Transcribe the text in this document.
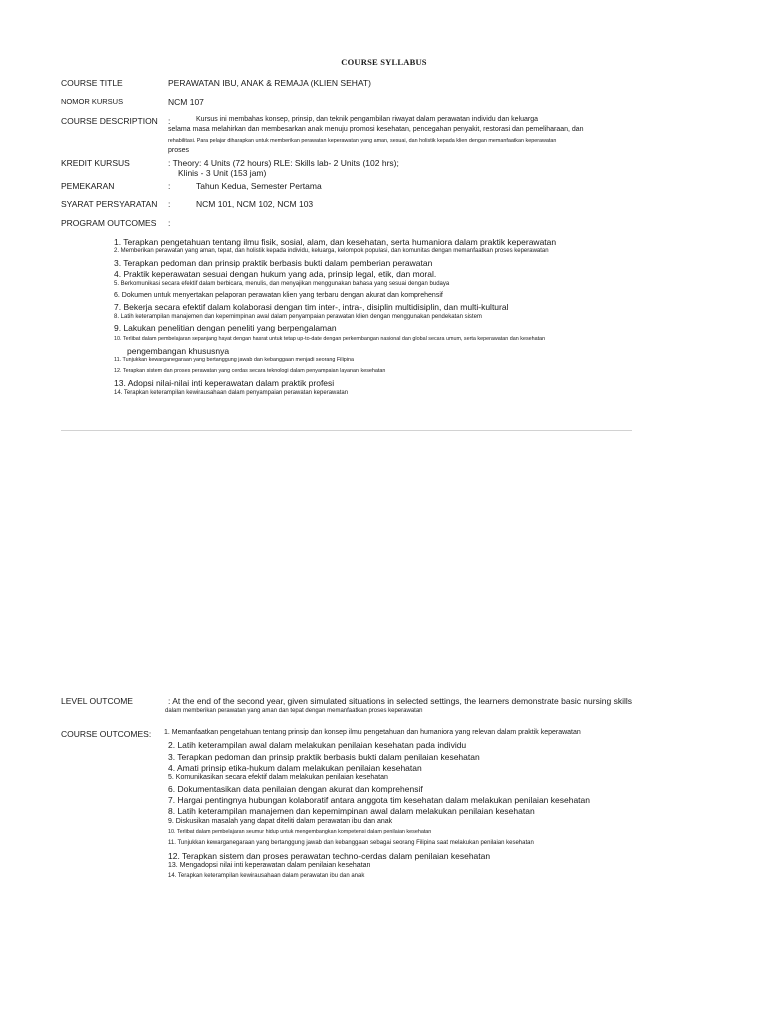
COURSE SYLLABUS
COURSE TITLE	PERAWATAN IBU, ANAK & REMAJA (KLIEN SEHAT)
NOMOR KURSUS	NCM 107
COURSE DESCRIPTION :	Kursus ini membahas konsep, prinsip, dan teknik pengambilan riwayat dalam perawatan individu dan keluarga
selama masa melahirkan dan membesarkan anak menuju promosi kesehatan, pencegahan penyakit, restorasi dan pemeliharaan, dan
rehabilitasi. Para pelajar diharapkan untuk memberikan perawatan keperawatan yang aman, sesuai, dan holistik kepada klien dengan memanfaatkan keperawatan
proses
KREDIT KURSUS	: Theory: 4 Units (72 hours) RLE: Skills lab- 2 Units (102 hrs);
Klinis - 3 Unit (153 jam)
PEMEKARAN	:	Tahun Kedua, Semester Pertama
SYARAT PERSYARATAN :	NCM 101, NCM 102, NCM 103
PROGRAM OUTCOMES :
1. Terapkan pengetahuan tentang ilmu fisik, sosial, alam, dan kesehatan, serta humaniora dalam praktik keperawatan
2. Memberikan perawatan yang aman, tepat, dan holistik kepada individu, keluarga, kelompok populasi, dan komunitas dengan memanfaatkan proses keperawatan
3. Terapkan pedoman dan prinsip praktik berbasis bukti dalam pemberian perawatan
4. Praktik keperawatan sesuai dengan hukum yang ada, prinsip legal, etik, dan moral.
5. Berkomunikasi secara efektif dalam berbicara, menulis, dan menyajikan menggunakan bahasa yang sesuai dengan budaya
6. Dokumen untuk menyertakan pelaporan perawatan klien yang terbaru dengan akurat dan komprehensif
7. Bekerja secara efektif dalam kolaborasi dengan tim inter-, intra-, disiplin multidisiplin, dan multi-kultural
8. Latih keterampilan manajemen dan kepemimpinan awal dalam penyampaian perawatan klien dengan menggunakan pendekatan sistem
9. Lakukan penelitian dengan peneliti yang berpengalaman
10. Terlibat dalam pembelajaran sepanjang hayat dengan hasrat untuk tetap up-to-date dengan perkembangan nasional dan global secara umum, serta keperawatan dan kesehatan
pengembangan khususnya
11. Tunjukkan kewarganegaraan yang bertanggung jawab dan kebanggaan menjadi seorang Filipina
12. Terapkan sistem dan proses perawatan yang cerdas secara teknologi dalam penyampaian layanan kesehatan
13. Adopsi nilai-nilai inti keperawatan dalam praktik profesi
14. Terapkan keterampilan kewirausahaan dalam penyampaian perawatan keperawatan
LEVEL OUTCOME	: At the end of the second year, given simulated situations in selected settings, the learners demonstrate basic nursing skills
dalam memberikan perawatan yang aman dan tepat dengan memanfaatkan proses keperawatan
COURSE OUTCOMES: 1. Memanfaatkan pengetahuan tentang prinsip dan konsep ilmu pengetahuan dan humaniora yang relevan dalam praktik keperawatan
2. Latih keterampilan awal dalam melakukan penilaian kesehatan pada individu
3. Terapkan pedoman dan prinsip praktik berbasis bukti dalam penilaian kesehatan
4. Amati prinsip etika-hukum dalam melakukan penilaian kesehatan
5. Komunikasikan secara efektif dalam melakukan penilaian kesehatan
6. Dokumentasikan data penilaian dengan akurat dan komprehensif
7. Hargai pentingnya hubungan kolaboratif antara anggota tim kesehatan dalam melakukan penilaian kesehatan
8. Latih keterampilan manajemen dan kepemimpinan awal dalam melakukan penilaian kesehatan
9. Diskusikan masalah yang dapat diteliti dalam perawatan ibu dan anak
10. Terlibat dalam pembelajaran seumur hidup untuk mengembangkan kompetensi dalam penilaian kesehatan
11. Tunjukkan kewarganegaraan yang bertanggung jawab dan kebanggaan sebagai seorang Filipina saat melakukan penilaian kesehatan
12. Terapkan sistem dan proses perawatan techno-cerdas dalam penilaian kesehatan
13. Mengadopsi nilai inti keperawatan dalam penilaian kesehatan
14. Terapkan keterampilan kewirausahaan dalam perawatan ibu dan anak
